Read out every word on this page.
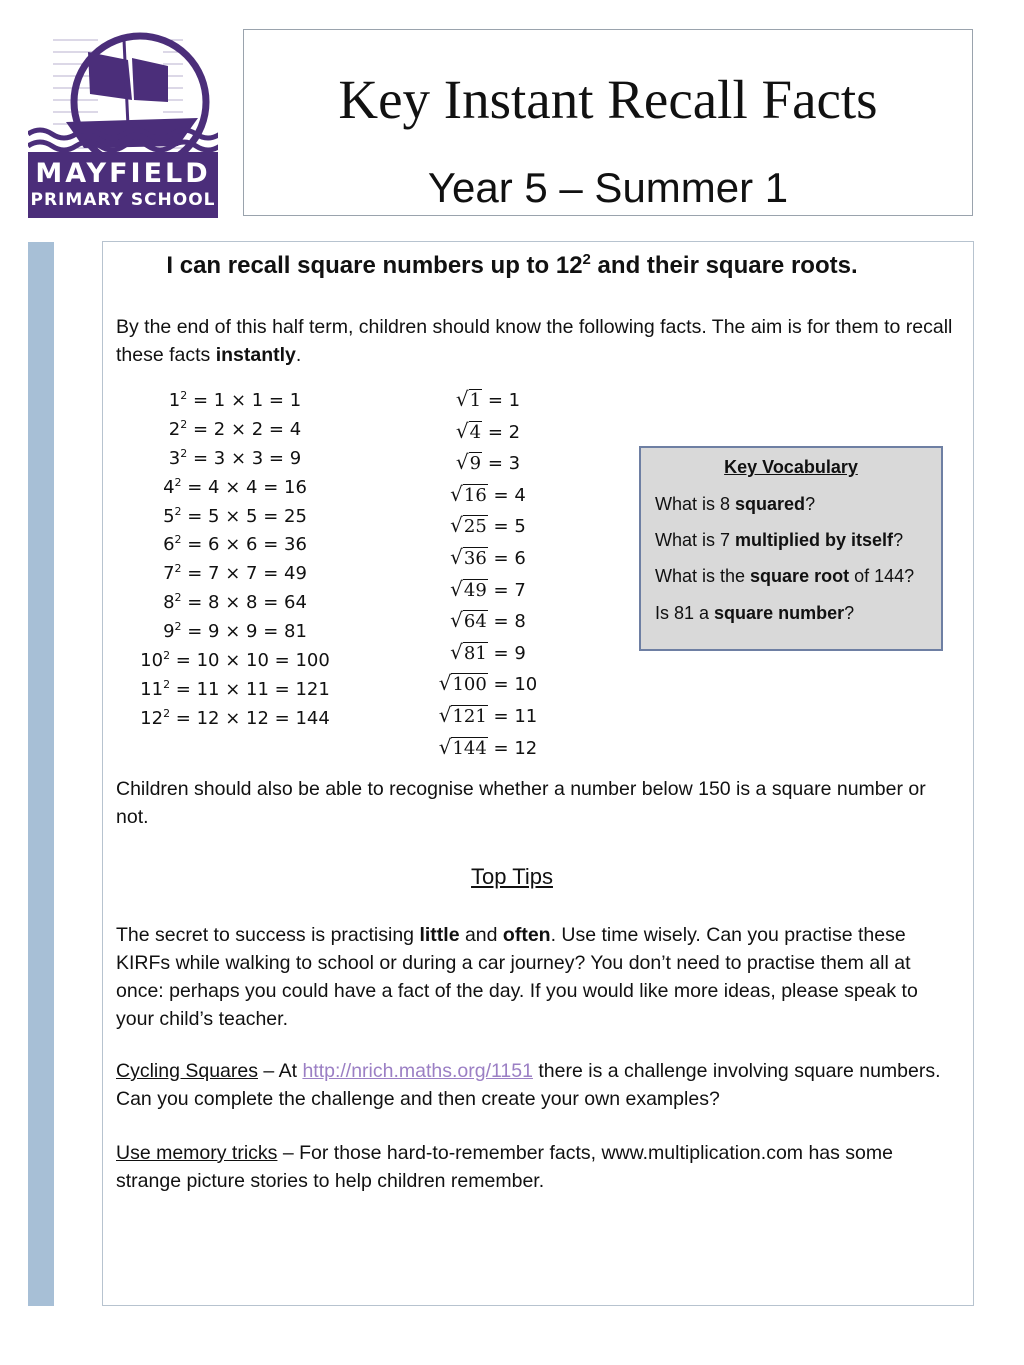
MAYFIELD
PRIMARY SCHOOL
Key Instant Recall Facts
Year 5 – Summer 1
I can recall square numbers up to $12^2$ and their square roots.
By the end of this half term, children should know the following facts. The aim is for them to recall these facts instantly.
$1^2 = 1 \times 1 = 1$
$2^2 = 2 \times 2 = 4$
$3^2 = 3 \times 3 = 9$
$4^2 = 4 \times 4 = 16$
$5^2 = 5 \times 5 = 25$
$6^2 = 6 \times 6 = 36$
$7^2 = 7 \times 7 = 49$
$8^2 = 8 \times 8 = 64$
$9^2 = 9 \times 9 = 81$
$10^2 = 10 \times 10 = 100$
$11^2 = 11 \times 11 = 121$
$12^2 = 12 \times 12 = 144$
√1 = 1
√4 = 2
√9 = 3
√16 = 4
√25 = 5
√36 = 6
√49 = 7
√64 = 8
√81 = 9
√100 = 10
√121 = 11
√144 = 12
Key Vocabulary
What is 8 squared?
What is 7 multiplied by itself?
What is the square root of 144?
Is 81 a square number?
Children should also be able to recognise whether a number below 150 is a square number or not.
Top Tips
The secret to success is practising little and often. Use time wisely. Can you practise these KIRFs while walking to school or during a car journey? You don’t need to practise them all at once: perhaps you could have a fact of the day. If you would like more ideas, please speak to your child’s teacher.
Cycling Squares – At http://nrich.maths.org/1151 there is a challenge involving square numbers. Can you complete the challenge and then create your own examples?
Use memory tricks – For those hard-to-remember facts, www.multiplication.com has some strange picture stories to help children remember.
